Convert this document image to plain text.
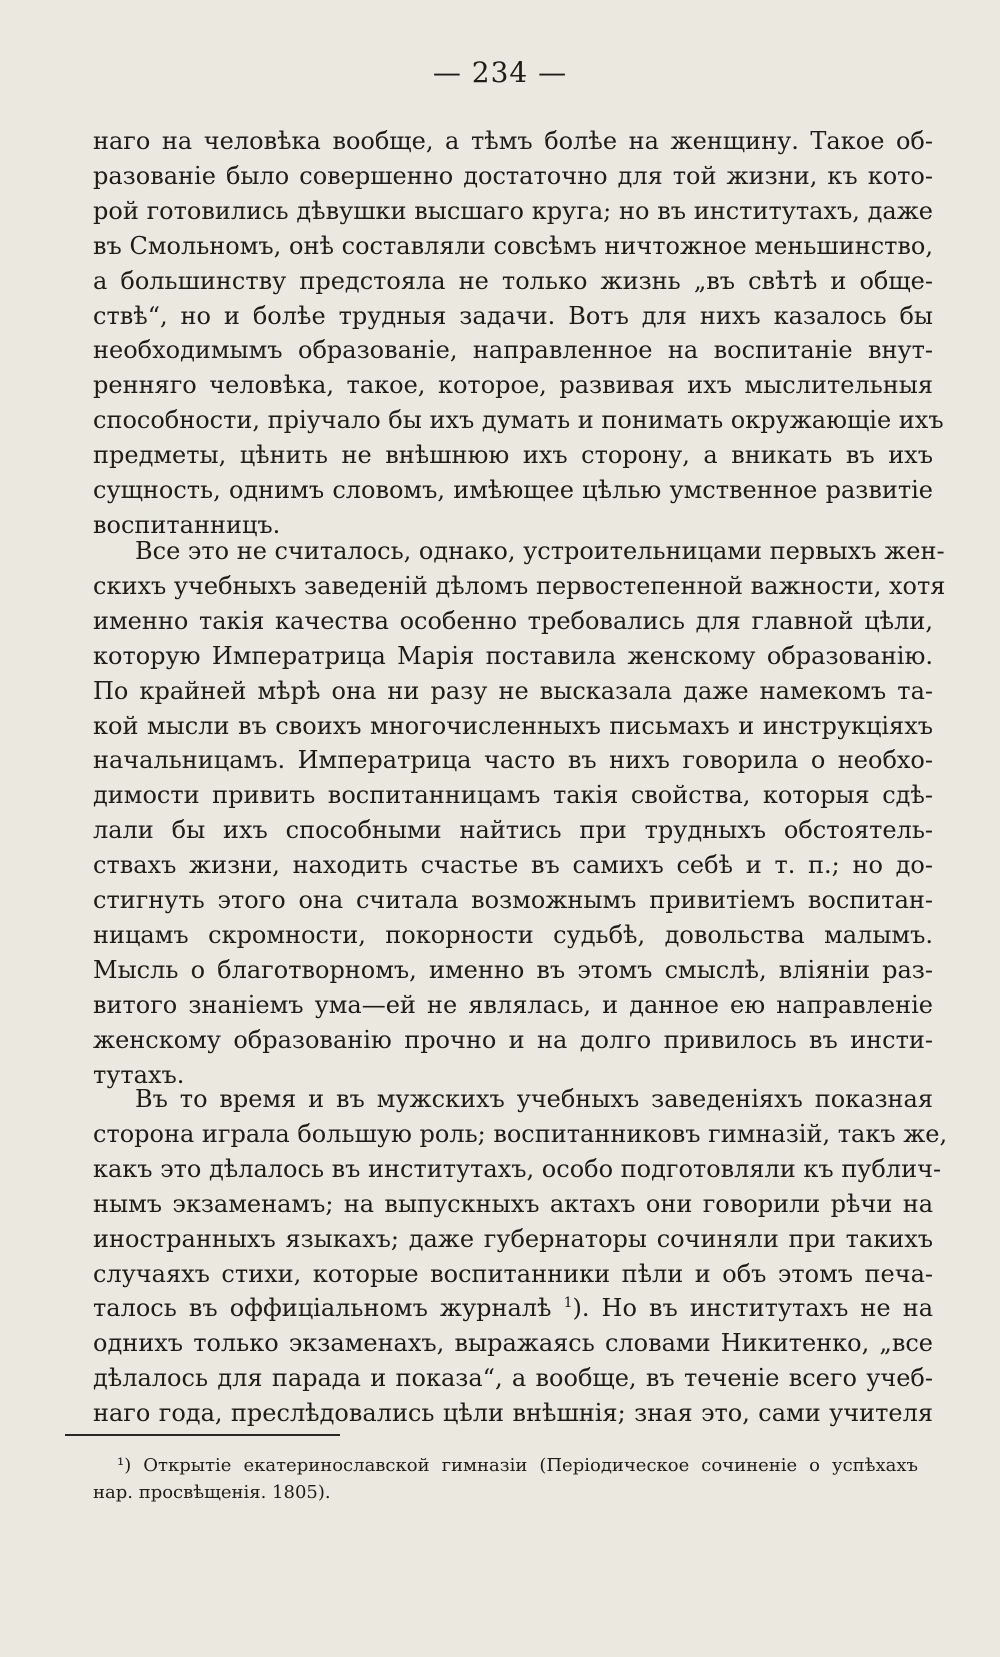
— 234 —
наго на человѣка вообще, а тѣмъ болѣе на женщину. Такое об-
разованіе было совершенно достаточно для той жизни, къ кото-
рой готовились дѣвушки высшаго круга; но въ институтахъ, даже
въ Смольномъ, онѣ составляли совсѣмъ ничтожное меньшинство,
а большинству предстояла не только жизнь „въ свѣтѣ и обще-
ствѣ“, но и болѣе трудныя задачи. Вотъ для нихъ казалось бы
необходимымъ образованіе, направленное на воспитаніе внут-
ренняго человѣка, такое, которое, развивая ихъ мыслительныя
способности, пріучало бы ихъ думать и понимать окружающіе ихъ
предметы, цѣнить не внѣшнюю ихъ сторону, а вникать въ ихъ
сущность, однимъ словомъ, имѣющее цѣлью умственное развитіе
воспитанницъ.
Все это не считалось, однако, устроительницами первыхъ жен-
скихъ учебныхъ заведеній дѣломъ первостепенной важности, хотя
именно такія качества особенно требовались для главной цѣли,
которую Императрица Марія поставила женскому образованію.
По крайней мѣрѣ она ни разу не высказала даже намекомъ та-
кой мысли въ своихъ многочисленныхъ письмахъ и инструкціяхъ
начальницамъ. Императрица часто въ нихъ говорила о необхо-
димости привить воспитанницамъ такія свойства, которыя сдѣ-
лали бы ихъ способными найтись при трудныхъ обстоятель-
ствахъ жизни, находить счастье въ самихъ себѣ и т. п.; но до-
стигнуть этого она считала возможнымъ привитіемъ воспитан-
ницамъ скромности, покорности судьбѣ, довольства малымъ.
Мысль о благотворномъ, именно въ этомъ смыслѣ, вліяніи раз-
витого знаніемъ ума—ей не являлась, и данное ею направленіе
женскому образованію прочно и на долго привилось въ инсти-
тутахъ.
Въ то время и въ мужскихъ учебныхъ заведеніяхъ показная
сторона играла большую роль; воспитанниковъ гимназій, такъ же,
какъ это дѣлалось въ институтахъ, особо подготовляли къ публич-
нымъ экзаменамъ; на выпускныхъ актахъ они говорили рѣчи на
иностранныхъ языкахъ; даже губернаторы сочиняли при такихъ
случаяхъ стихи, которые воспитанники пѣли и объ этомъ печа-
талось въ оффиціальномъ журналѣ $^1$). Но въ институтахъ не на
однихъ только экзаменахъ, выражаясь словами Никитенко, „все
дѣлалось для парада и показа“, а вообще, въ теченіе всего учеб-
наго года, преслѣдовались цѣли внѣшнія; зная это, сами учителя
¹) Открытіе екатеринославской гимназіи (Періодическое сочиненіе о успѣхахъ
нар. просвѣщенія. 1805).
